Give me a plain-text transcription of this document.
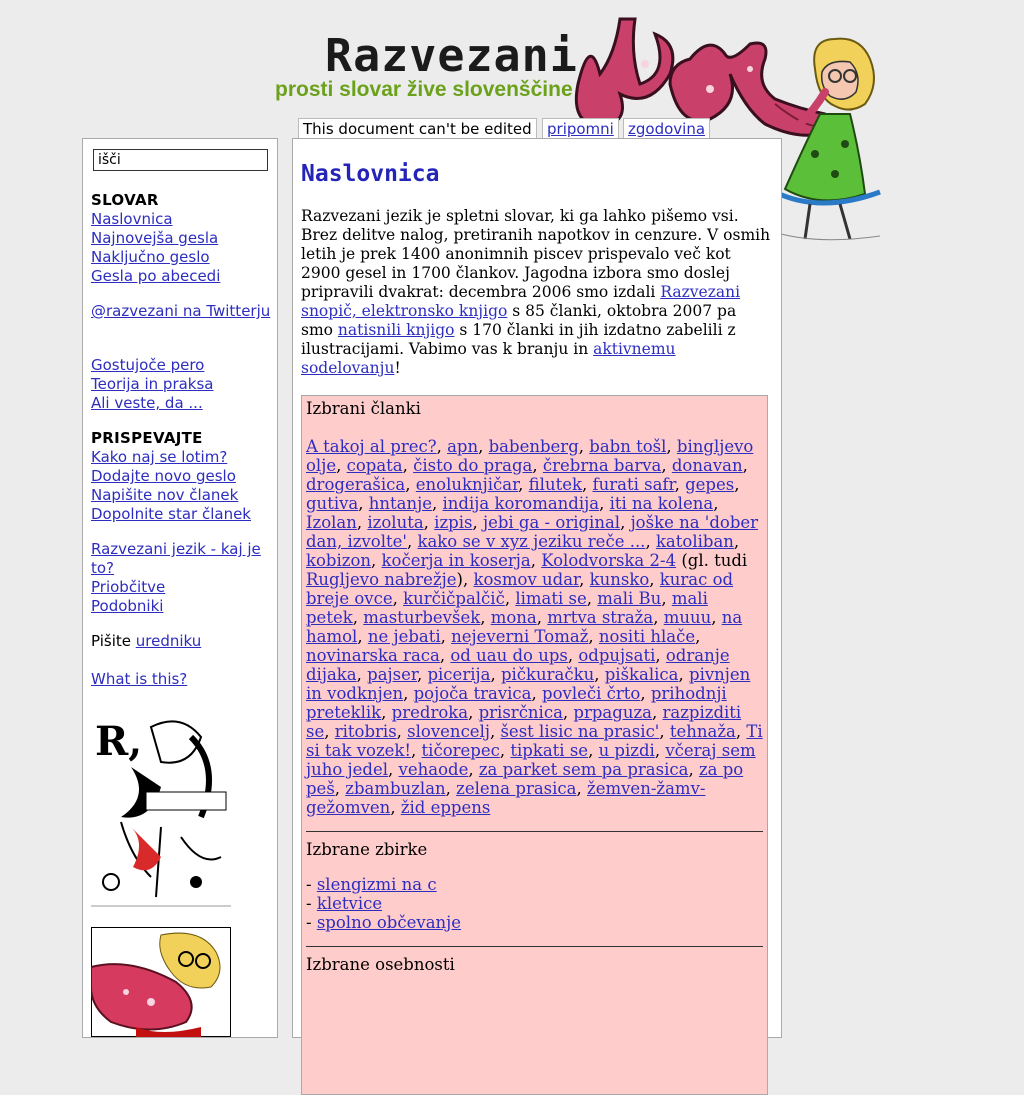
Razvezani
prosti slovar žive slovenščine
This document can't be edited	pripomni zgodovina
išči
SLOVAR
Naslovnica
Najnovejša gesla
Naključno geslo
Gesla po abecedi
@razvezani na Twitterju
Gostujoče pero
Teorija in praksa
Ali veste, da ...
PRISPEVAJTE
Kako naj se lotim?
Dodajte novo geslo
Napišite nov članek
Dopolnite star članek
Razvezani jezik - kaj je to?
Priobčitve
Podobniki
Pišite uredniku
What is this?
R,
Naslovnica

Razvezani jezik je spletni slovar, ki ga lahko pišemo vsi. Brez delitve nalog, pretiranih napotkov in cenzure. V osmih letih je prek 1400 anonimnih piscev prispevalo več kot 2900 gesel in 1700 člankov. Jagodna izbora smo doslej pripravili dvakrat: decembra 2006 smo izdali Razvezani snopič, elektronsko knjigo s 85 članki, oktobra 2007 pa smo natisnili knjigo s 170 članki in jih izdatno zabelili z ilustracijami. Vabimo vas k branju in aktivnemu sodelovanju!

Izbrani članki
A takoj al prec?, apn, babenberg, babn tošl, bingljevo olje, copata, čisto do praga, črebrna barva, donavan, drogerašica, enoluknjičar, filutek, furati safr, gepes, gutiva, hntanje, indija koromandija, iti na kolena, Izolan, izoluta, izpis, jebi ga - original, joške na 'dober dan, izvolte', kako se v xyz jeziku reče ..., katoliban, kobizon, kočerja in koserja, Kolodvorska 2-4 (gl. tudi Rugljevo nabrežje), kosmov udar, kunsko, kurac od breje ovce, kurčičpalčič, limati se, mali Bu, mali petek, masturbevšek, mona, mrtva straža, muuu, na hamol, ne jebati, nejeverni Tomaž, nositi hlače, novinarska raca, od uau do ups, odpujsati, odranje dijaka, pajser, picerija, pičkuračku, piškalica, pivnjen in vodknjen, pojoča travica, povleči črto, prihodnji preteklik, predroka, prisrčnica, prpaguza, razpizditi se, ritobris, slovencelj, šest lisic na prasic', tehnaža, Ti si tak vozek!, tičorepec, tipkati se, u pizdi, včeraj sem juho jedel, vehaode, za parket sem pa prasica, za po peš, zbambuzlan, zelena prasica, žemven-žamv-gežomven, žid eppens
Izbrane zbirke
- slengizmi na c
- kletvice
- spolno občevanje
Izbrane osebnosti
